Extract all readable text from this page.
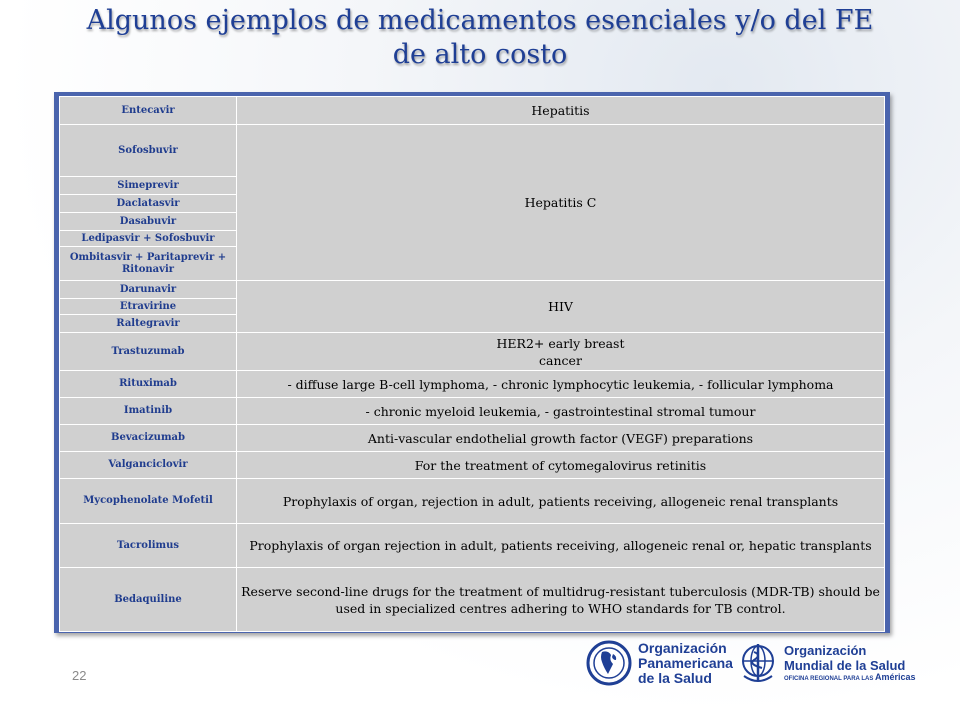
Algunos ejemplos de medicamentos esenciales y/o del FE
de alto costo
Entecavir	Hepatitis
Sofosbuvir	Hepatitis C
Simeprevir	
Daclatasvir	
Dasabuvir	
Ledipasvir + Sofosbuvir	
Ombitasvir + Paritaprevir + Ritonavir	
Darunavir	HIV
Etravirine	
Raltegravir	
Trastuzumab	HER2+ early breast
cancer

Rituximab	- diffuse large B-cell lymphoma, - chronic lymphocytic leukemia, - follicular lymphoma
Imatinib	- chronic myeloid leukemia, - gastrointestinal stromal tumour
Bevacizumab	Anti-vascular endothelial growth factor (VEGF) preparations
Valganciclovir	For the treatment of cytomegalovirus retinitis
Mycophenolate Mofetil	Prophylaxis of organ, rejection in adult, patients receiving, allogeneic renal transplants
Tacrolimus	Prophylaxis of organ rejection in adult, patients receiving, allogeneic renal or, hepatic transplants
Bedaquiline	Reserve second-line drugs for the treatment of multidrug-resistant tuberculosis (MDR-TB) should be used in specialized centres adhering to WHO standards for TB control.
22
Organización
Panamericana
de la Salud
Organización
Mundial de la Salud
OFICINA REGIONAL PARA LAS Américas
